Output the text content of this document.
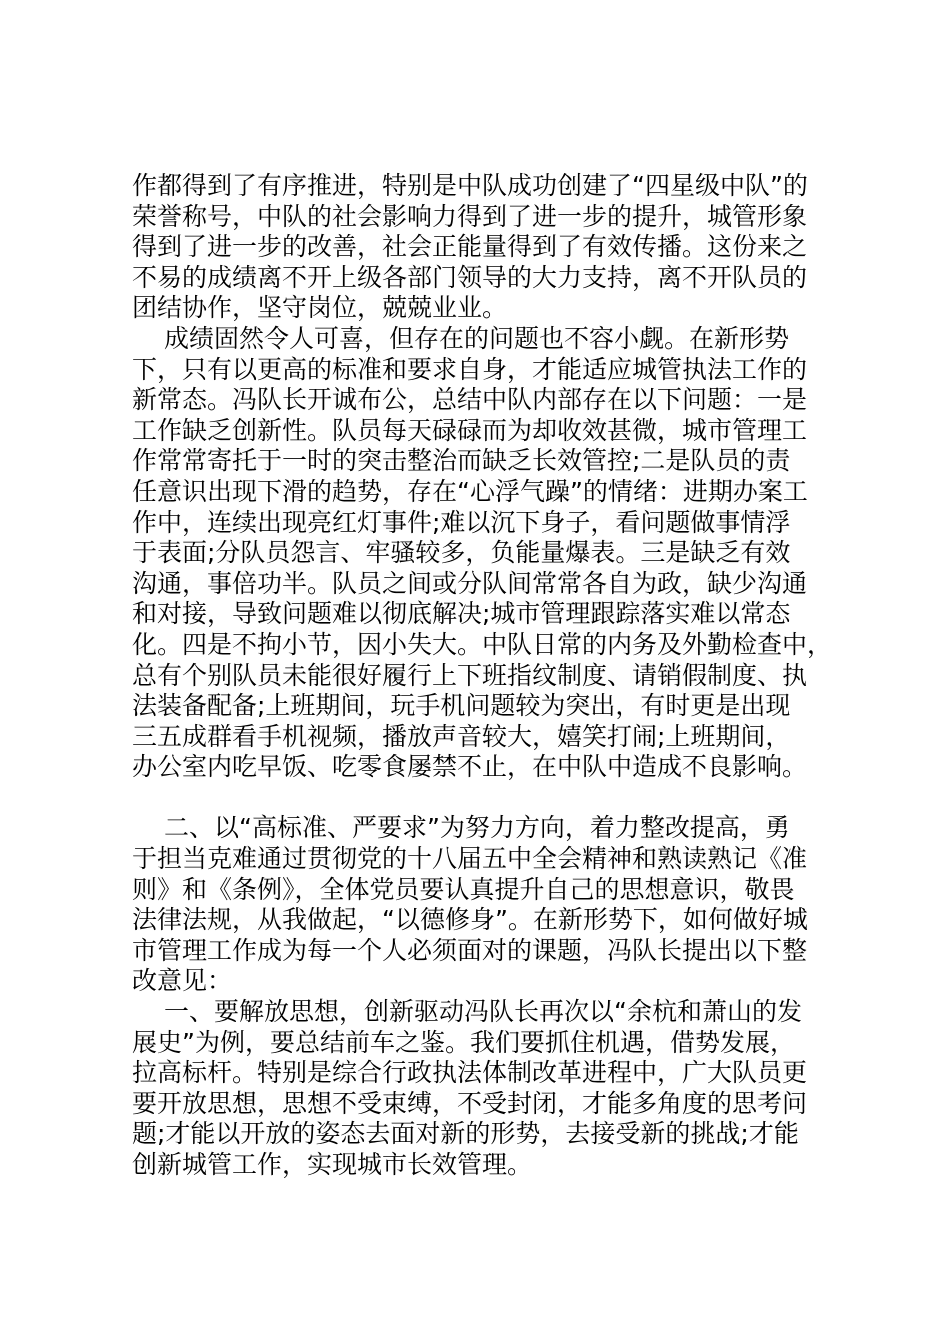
作都得到了有序推进，特别是中队成功创建了“四星级中队”的
荣誉称号，中队的社会影响力得到了进一步的提升，城管形象
得到了进一步的改善，社会正能量得到了有效传播。这份来之
不易的成绩离不开上级各部门领导的大力支持，离不开队员的
团结协作，坚守岗位，兢兢业业。
成绩固然令人可喜，但存在的问题也不容小觑。在新形势
下，只有以更高的标准和要求自身，才能适应城管执法工作的
新常态。冯队长开诚布公，总结中队内部存在以下问题：一是
工作缺乏创新性。队员每天碌碌而为却收效甚微，城市管理工
作常常寄托于一时的突击整治而缺乏长效管控;二是队员的责
任意识出现下滑的趋势，存在“心浮气躁”的情绪：进期办案工
作中，连续出现亮红灯事件;难以沉下身子，看问题做事情浮
于表面;分队员怨言、牢骚较多，负能量爆表。三是缺乏有效
沟通，事倍功半。队员之间或分队间常常各自为政，缺少沟通
和对接，导致问题难以彻底解决;城市管理跟踪落实难以常态
化。四是不拘小节，因小失大。中队日常的内务及外勤检查中，
总有个别队员未能很好履行上下班指纹制度、请销假制度、执
法装备配备;上班期间，玩手机问题较为突出，有时更是出现
三五成群看手机视频，播放声音较大，嬉笑打闹;上班期间，
办公室内吃早饭、吃零食屡禁不止，在中队中造成不良影响。
二、以“高标准、严要求”为努力方向，着力整改提高，勇
于担当克难通过贯彻党的十八届五中全会精神和熟读熟记《准
则》和《条例》，全体党员要认真提升自己的思想意识，敬畏
法律法规，从我做起，“以德修身”。在新形势下，如何做好城
市管理工作成为每一个人必须面对的课题，冯队长提出以下整
改意见：
一、要解放思想，创新驱动冯队长再次以“余杭和萧山的发
展史”为例，要总结前车之鉴。我们要抓住机遇，借势发展，
拉高标杆。特别是综合行政执法体制改革进程中，广大队员更
要开放思想，思想不受束缚，不受封闭，才能多角度的思考问
题;才能以开放的姿态去面对新的形势，去接受新的挑战;才能
创新城管工作，实现城市长效管理。
